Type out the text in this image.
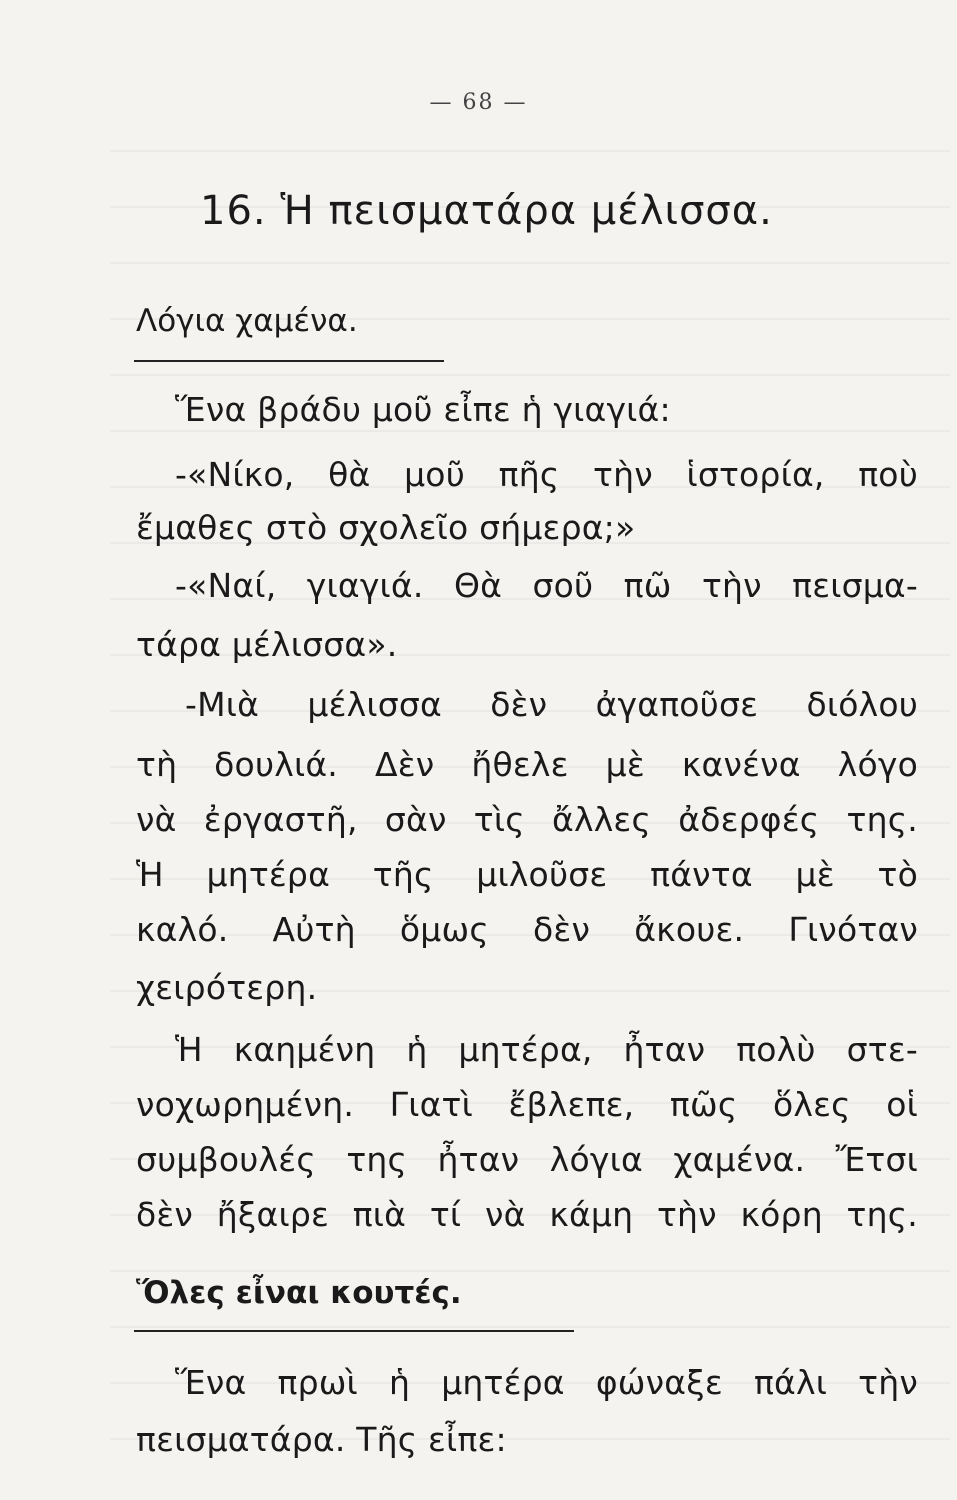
— 68 —
16. Ἡ πεισματάρα μέλισσα.
Λόγια χαμένα.
Ἕνα βράδυ μοῦ εἶπε ἡ γιαγιά:
-«Νίκο, θὰ μοῦ πῆς τὴν ἱστορία, ποὺ
ἔμαθες στὸ σχολεῖο σήμερα;»
-«Ναί, γιαγιά. Θὰ σοῦ πῶ τὴν πεισμα-
τάρα μέλισσα».
-Μιὰ μέλισσα δὲν ἀγαποῦσε διόλου
τὴ δουλιά. Δὲν ἤθελε μὲ κανένα λόγο
νὰ ἐργαστῆ, σὰν τὶς ἄλλες ἀδερφές της.
Ἡ μητέρα τῆς μιλοῦσε πάντα μὲ τὸ
καλό. Αὐτὴ ὅμως δὲν ἄκουε. Γινόταν
χειρότερη.
Ἡ καημένη ἡ μητέρα, ἦταν πολὺ στε-
νοχωρημένη. Γιατὶ ἔβλεπε, πῶς ὅλες οἱ
συμβουλές της ἦταν λόγια χαμένα. Ἔτσι
δὲν ἤξαιρε πιὰ τί νὰ κάμη τὴν κόρη της.
Ὅλες εἶναι κουτές.
Ἕνα πρωὶ ἡ μητέρα φώναξε πάλι τὴν
πεισματάρα. Τῆς εἶπε:
